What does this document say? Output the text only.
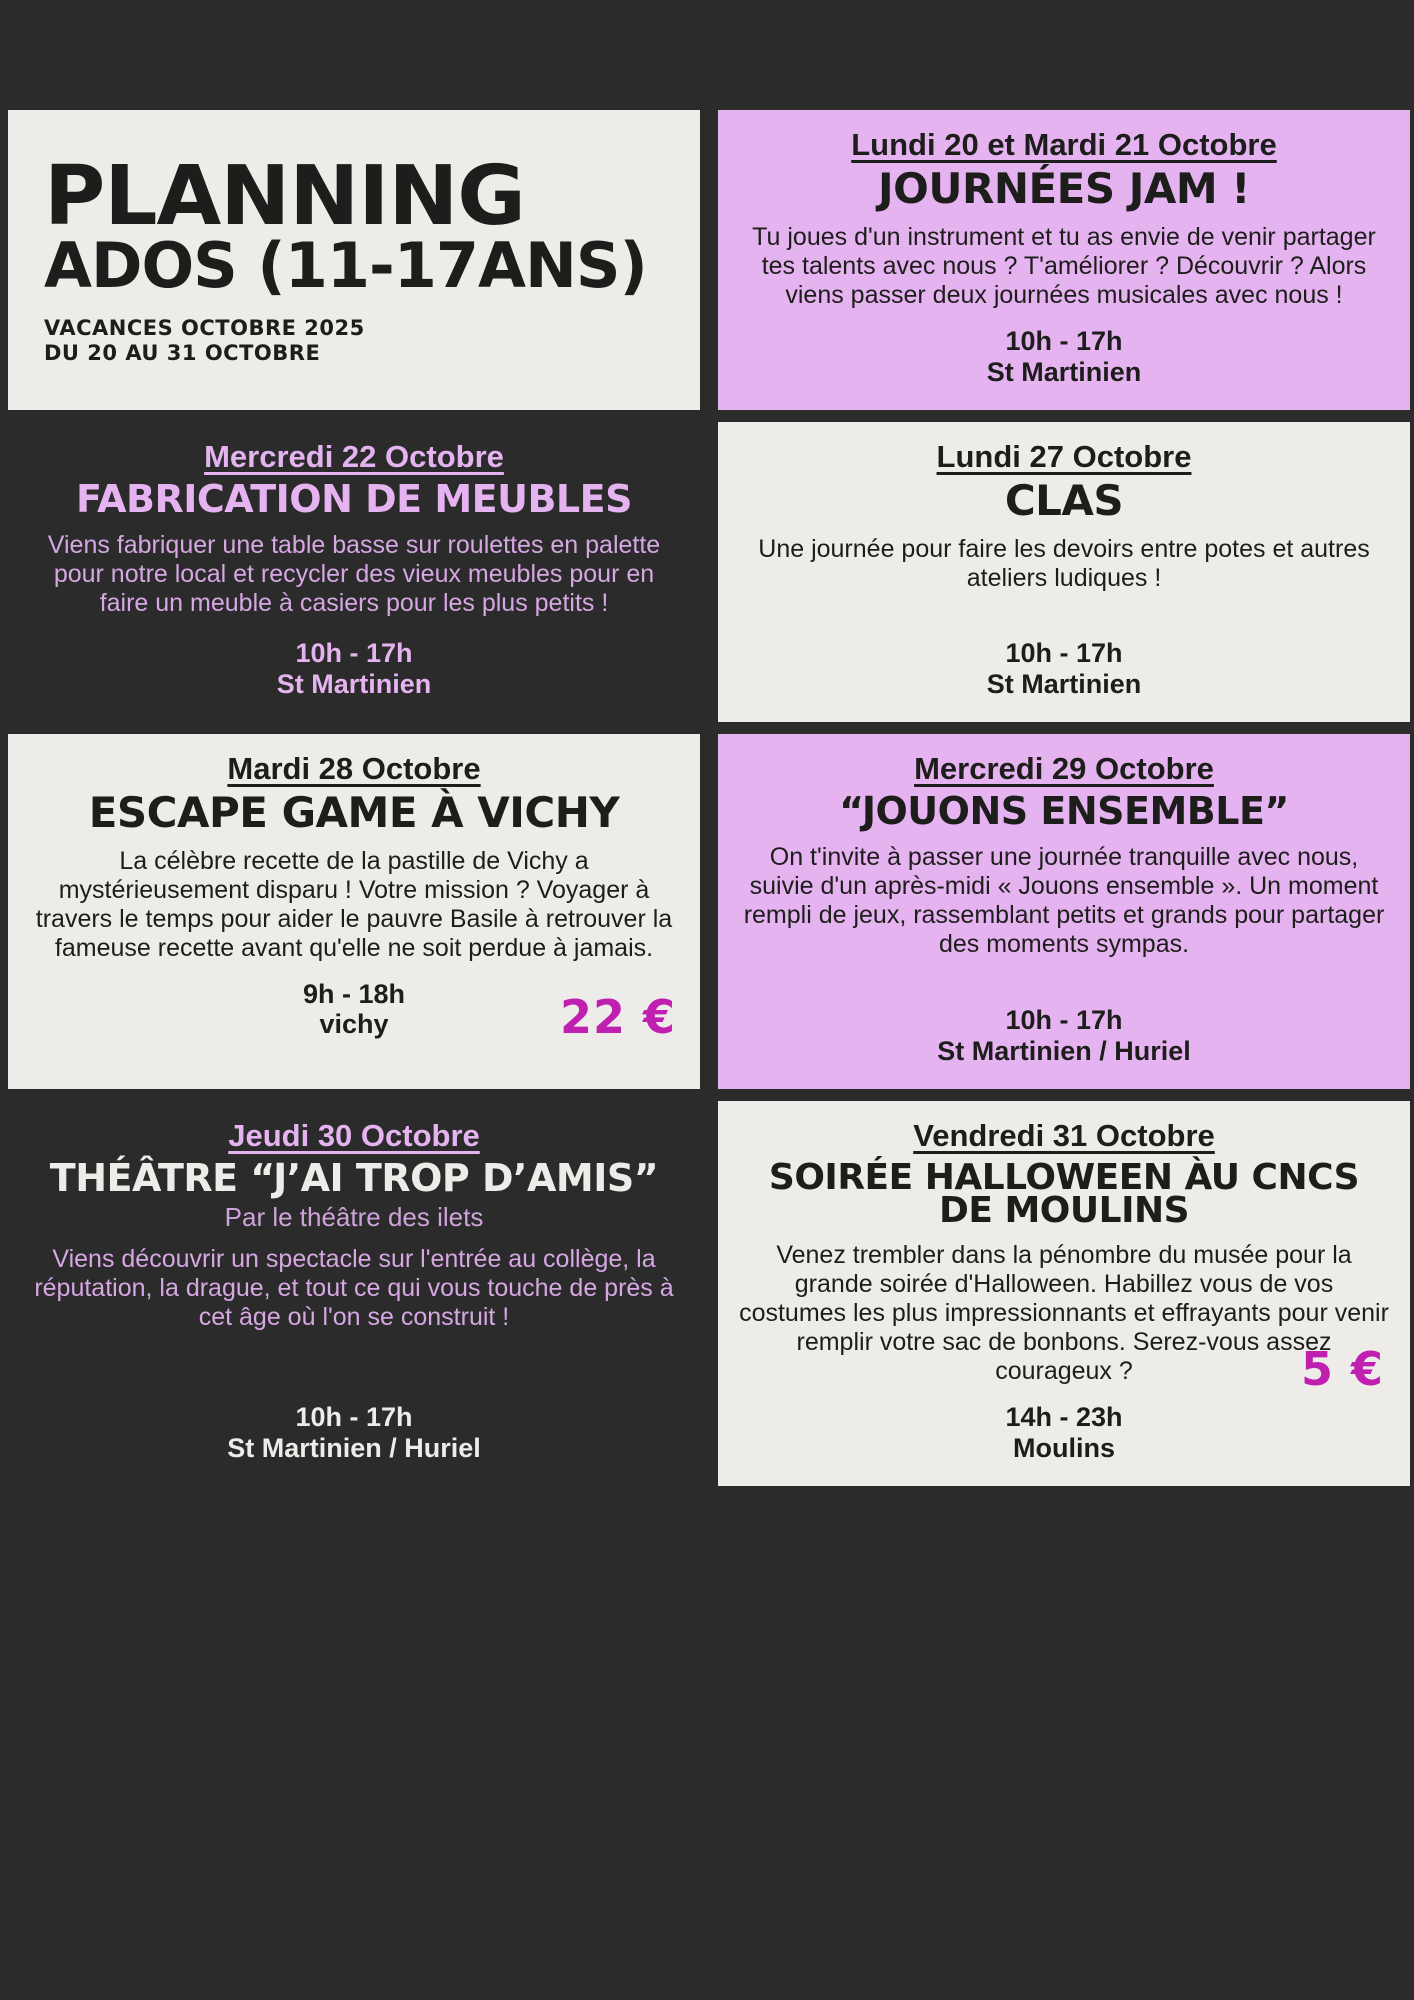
PLANNING
ADOS (11-17ANS)
VACANCES OCTOBRE 2025
DU 20 AU 31 OCTOBRE
Lundi 20 et Mardi 21 Octobre
JOURNÉES JAM !
Tu joues d'un instrument et tu as envie de venir partager tes talents avec nous ? T'améliorer ? Découvrir ? Alors viens passer deux journées musicales avec nous !
10h - 17h
St Martinien
Mercredi 22 Octobre
FABRICATION DE MEUBLES
Viens fabriquer une table basse sur roulettes en palette pour notre local et recycler des vieux meubles pour en faire un meuble à casiers pour les plus petits !
10h - 17h
St Martinien
Lundi 27 Octobre
CLAS
Une journée pour faire les devoirs entre potes et autres ateliers ludiques !
10h - 17h
St Martinien
Mardi 28 Octobre
ESCAPE GAME À VICHY
La célèbre recette de la pastille de Vichy a mystérieusement disparu ! Votre mission ? Voyager à travers le temps pour aider le pauvre Basile à retrouver la fameuse recette avant qu'elle ne soit perdue à jamais.
9h - 18h
vichy	22 €
Mercredi 29 Octobre
“JOUONS ENSEMBLE”
On t'invite à passer une journée tranquille avec nous, suivie d'un après-midi « Jouons ensemble ». Un moment rempli de jeux, rassemblant petits et grands pour partager des moments sympas.
10h - 17h
St Martinien / Huriel
Jeudi 30 Octobre
THÉÂTRE “J’AI TROP D’AMIS”
Par le théâtre des ilets
Viens découvrir un spectacle sur l'entrée au collège, la réputation, la drague, et tout ce qui vous touche de près à cet âge où l'on se construit !
10h - 17h
St Martinien / Huriel
Vendredi 31 Octobre
SOIRÉE HALLOWEEN ÀU CNCS DE MOULINS
Venez trembler dans la pénombre du musée pour la grande soirée d'Halloween. Habillez vous de vos costumes les plus impressionnants et effrayants pour venir remplir votre sac de bonbons. Serez-vous assez courageux ?	5 €
14h - 23h
Moulins
